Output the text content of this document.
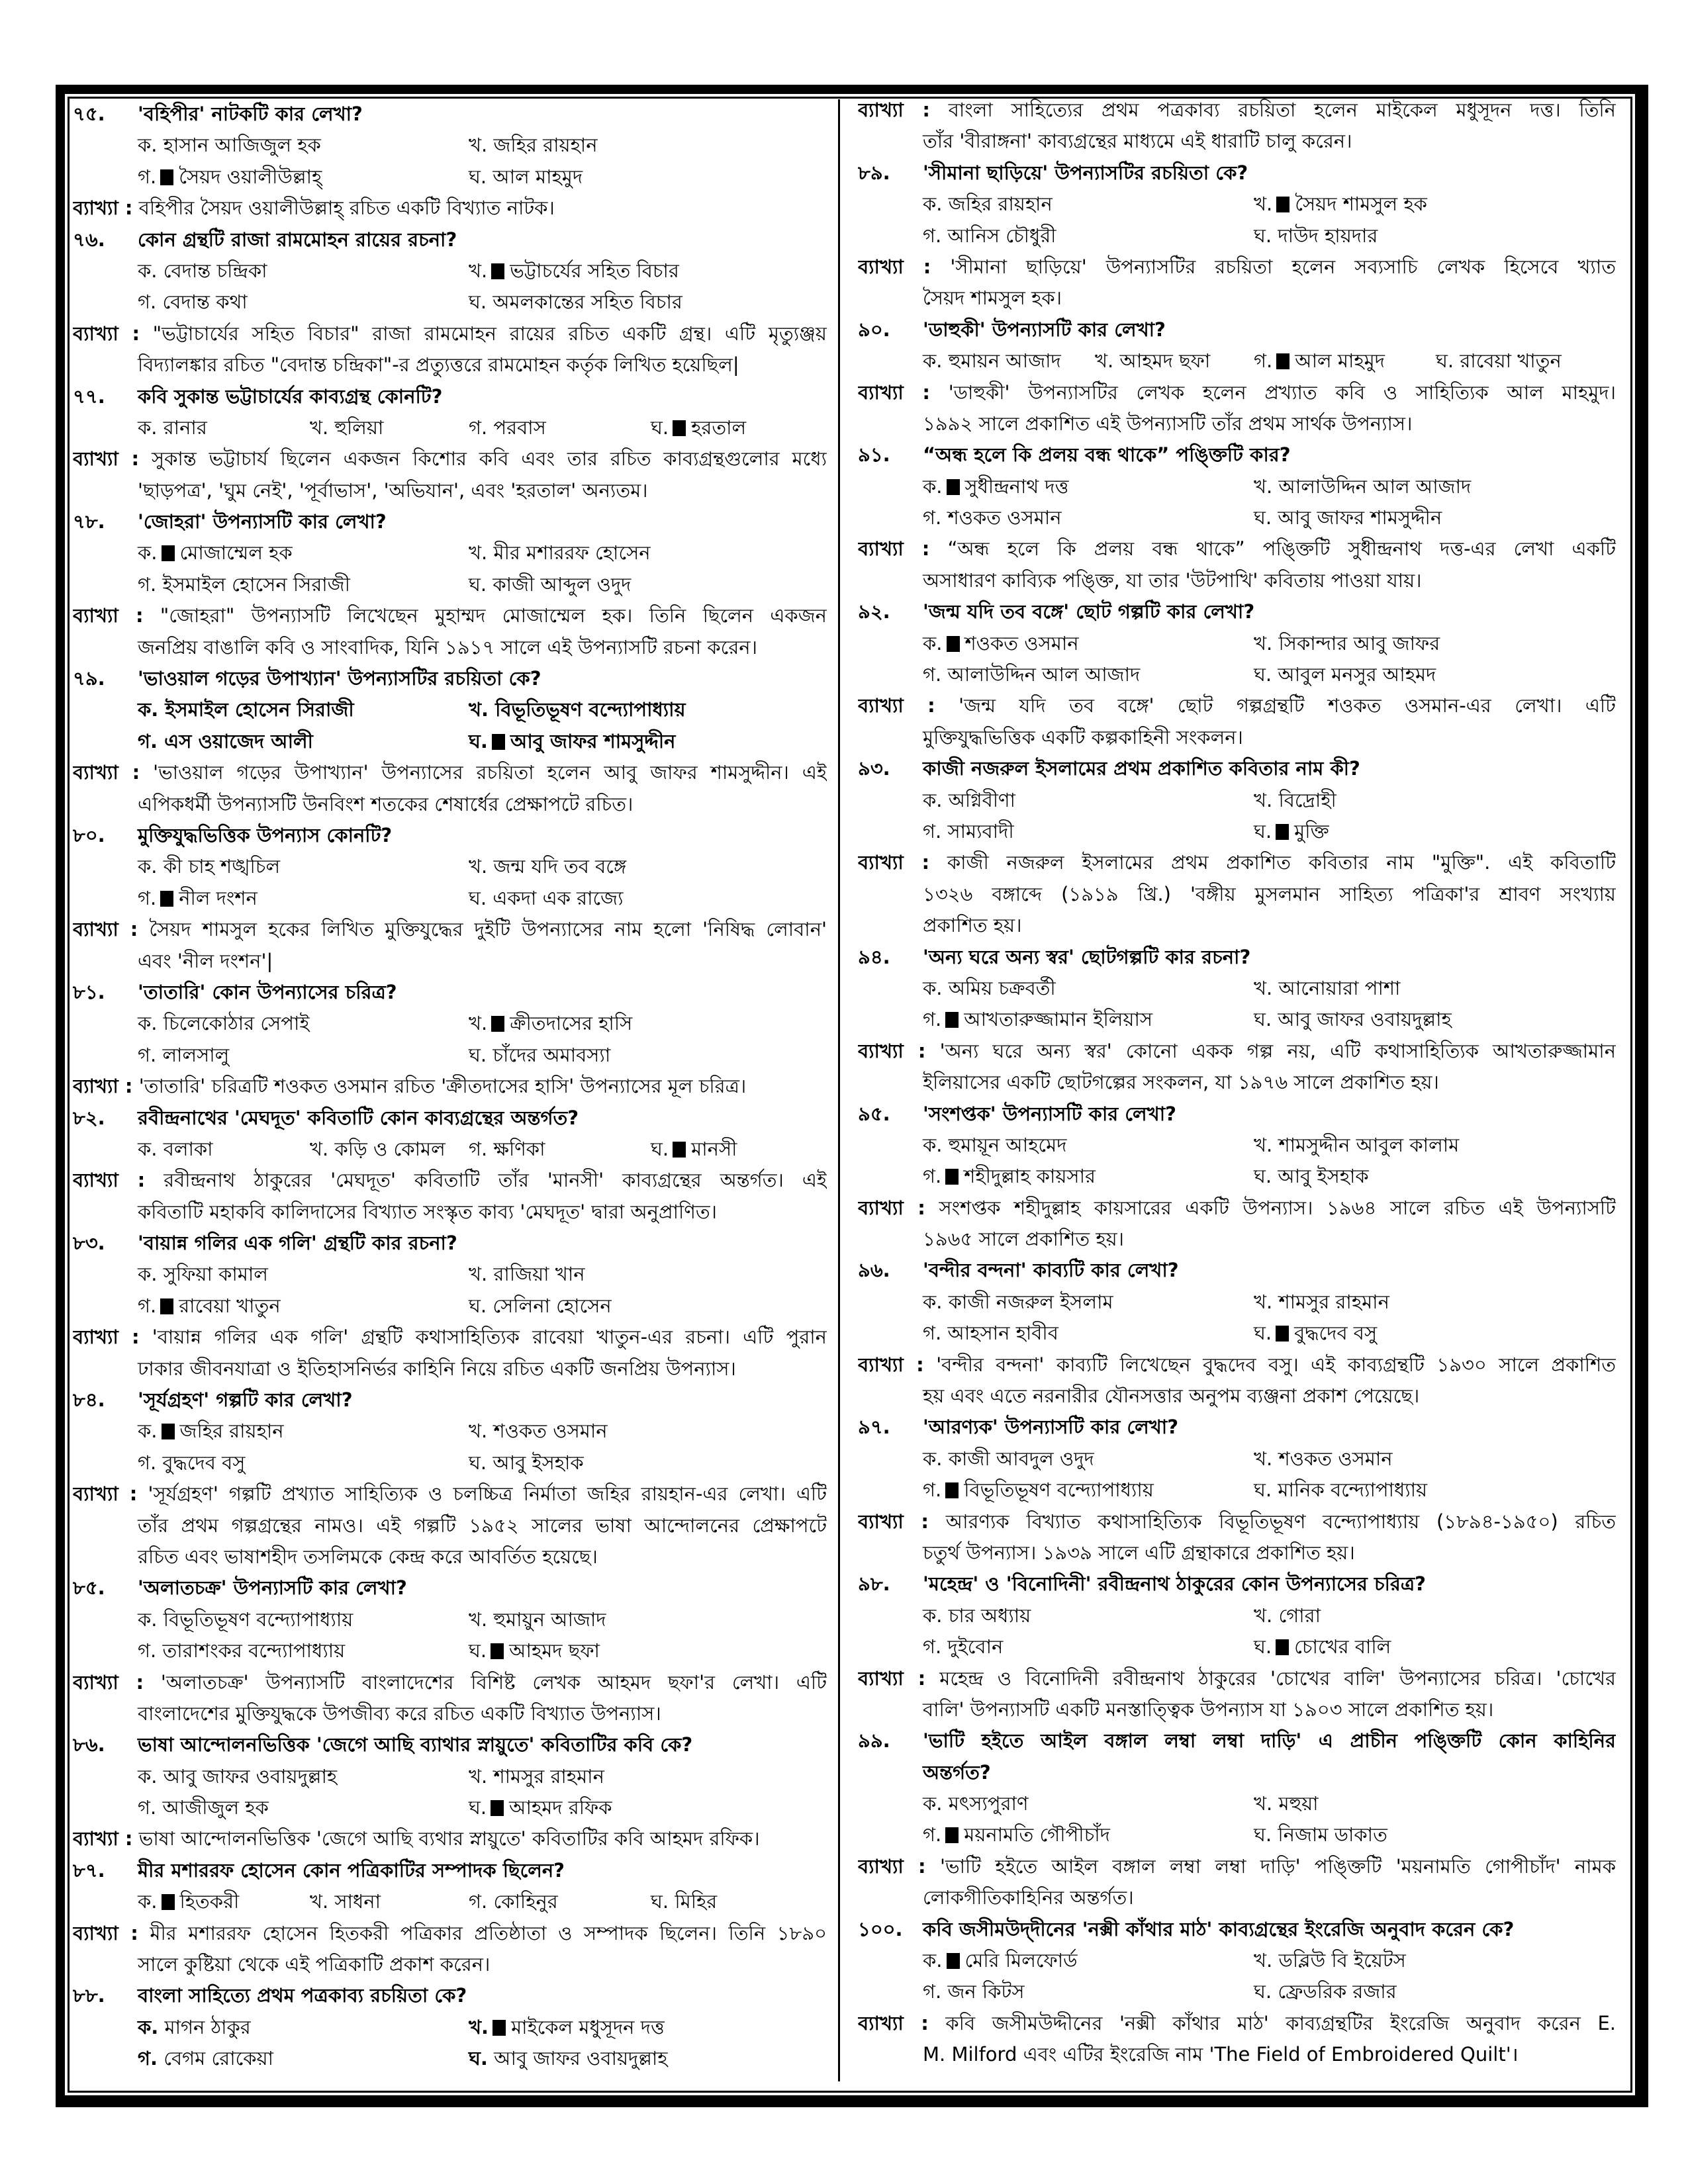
৭৫.	'বহিপীর' নাটকটি কার লেখা?
ক. হাসান আজিজুল হক	খ. জহির রায়হান
গ. সৈয়দ ওয়ালীউল্লাহ্	ঘ. আল মাহমুদ
ব্যাখ্যা : বহিপীর সৈয়দ ওয়ালীউল্লাহ্ রচিত একটি বিখ্যাত নাটক।
৭৬.	কোন গ্রন্থটি রাজা রামমোহন রায়ের রচনা?
ক. বেদান্ত চন্দ্রিকা	খ. ভট্টাচর্যের সহিত বিচার
গ. বেদান্ত কথা	ঘ. অমলকান্তের সহিত বিচার
ব্যাখ্যা : "ভট্টাচার্যের সহিত বিচার" রাজা রামমোহন রায়ের রচিত একটি গ্রন্থ। এটি মৃত্যুঞ্জয়
বিদ্যালঙ্কার রচিত "বেদান্ত চন্দ্রিকা"-র প্রত্যুত্তরে রামমোহন কর্তৃক লিখিত হয়েছিল|
৭৭.	কবি সুকান্ত ভট্টাচার্যের কাব্যগ্রন্থ কোনটি?
ক. রানার	খ. হুলিয়া	গ. পরবাস	ঘ. হরতাল
ব্যাখ্যা : সুকান্ত ভট্টাচার্য ছিলেন একজন কিশোর কবি এবং তার রচিত কাব্যগ্রন্থগুলোর মধ্যে
'ছাড়পত্র', 'ঘুম নেই', 'পূর্বাভাস', 'অভিযান', এবং 'হরতাল' অন্যতম।
৭৮.	'জোহরা' উপন্যাসটি কার লেখা?
ক. মোজাম্মেল হক	খ. মীর মশাররফ হোসেন
গ. ইসমাইল হোসেন সিরাজী	ঘ. কাজী আব্দুল ওদুদ
ব্যাখ্যা : "জোহরা" উপন্যাসটি লিখেছেন মুহাম্মদ মোজাম্মেল হক। তিনি ছিলেন একজন
জনপ্রিয় বাঙালি কবি ও সাংবাদিক, যিনি ১৯১৭ সালে এই উপন্যাসটি রচনা করেন।
৭৯.	'ভাওয়াল গড়ের উপাখ্যান' উপন্যাসটির রচয়িতা কে?
ক. ইসমাইল হোসেন সিরাজী	খ. বিভূতিভূষণ বন্দ্যোপাধ্যায়
গ. এস ওয়াজেদ আলী	ঘ. আবু জাফর শামসুদ্দীন
ব্যাখ্যা : 'ভাওয়াল গড়ের উপাখ্যান' উপন্যাসের রচয়িতা হলেন আবু জাফর শামসুদ্দীন। এই
এপিকধর্মী উপন্যাসটি উনবিংশ শতকের শেষার্ধের প্রেক্ষাপটে রচিত।
৮০.	মুক্তিযুদ্ধভিত্তিক উপন্যাস কোনটি?
ক. কী চাহ শঙ্খচিল	খ. জন্ম যদি তব বঙ্গে
গ. নীল দংশন	ঘ. একদা এক রাজ্যে
ব্যাখ্যা : সৈয়দ শামসুল হকের লিখিত মুক্তিযুদ্ধের দুইটি উপন্যাসের নাম হলো 'নিষিদ্ধ লোবান'
এবং 'নীল দংশন'|
৮১.	'তাতারি' কোন উপন্যাসের চরিত্র?
ক. চিলেকোঠার সেপাই	খ. ক্রীতদাসের হাসি
গ. লালসালু	ঘ. চাঁদের অমাবস্যা
ব্যাখ্যা : 'তাতারি' চরিত্রটি শওকত ওসমান রচিত 'ক্রীতদাসের হাসি' উপন্যাসের মূল চরিত্র।
৮২.	রবীন্দ্রনাথের 'মেঘদূত' কবিতাটি কোন কাব্যগ্রন্থের অন্তর্গত?
ক. বলাকা	খ. কড়ি ও কোমল গ. ক্ষণিকা	ঘ. মানসী
ব্যাখ্যা : রবীন্দ্রনাথ ঠাকুরের 'মেঘদূত' কবিতাটি তাঁর 'মানসী' কাব্যগ্রন্থের অন্তর্গত। এই
কবিতাটি মহাকবি কালিদাসের বিখ্যাত সংস্কৃত কাব্য 'মেঘদূত' দ্বারা অনুপ্রাণিত।
৮৩.	'বায়ান্ন গলির এক গলি' গ্রন্থটি কার রচনা?
ক. সুফিয়া কামাল	খ. রাজিয়া খান
গ. রাবেয়া খাতুন	ঘ. সেলিনা হোসেন
ব্যাখ্যা : 'বায়ান্ন গলির এক গলি' গ্রন্থটি কথাসাহিত্যিক রাবেয়া খাতুন-এর রচনা। এটি পুরান
ঢাকার জীবনযাত্রা ও ইতিহাসনির্ভর কাহিনি নিয়ে রচিত একটি জনপ্রিয় উপন্যাস।
৮৪.	'সূর্যগ্রহণ' গল্পটি কার লেখা?
ক. জহির রায়হান	খ. শওকত ওসমান
গ. বুদ্ধদেব বসু	ঘ. আবু ইসহাক
ব্যাখ্যা : 'সূর্যগ্রহণ' গল্পটি প্রখ্যাত সাহিত্যিক ও চলচ্চিত্র নির্মাতা জহির রায়হান-এর লেখা। এটি
তাঁর প্রথম গল্পগ্রন্থের নামও। এই গল্পটি ১৯৫২ সালের ভাষা আন্দোলনের প্রেক্ষাপটে
রচিত এবং ভাষাশহীদ তসলিমকে কেন্দ্র করে আবর্তিত হয়েছে।
৮৫.	'অলাতচক্র' উপন্যাসটি কার লেখা?
ক. বিভূতিভূষণ বন্দ্যোপাধ্যায়	খ. হুমায়ুন আজাদ
গ. তারাশংকর বন্দ্যোপাধ্যায়	ঘ. আহমদ ছফা
ব্যাখ্যা : 'অলাতচক্র' উপন্যাসটি বাংলাদেশের বিশিষ্ট লেখক আহমদ ছফা'র লেখা। এটি
বাংলাদেশের মুক্তিযুদ্ধকে উপজীব্য করে রচিত একটি বিখ্যাত উপন্যাস।
৮৬.	ভাষা আন্দোলনভিত্তিক 'জেগে আছি ব্যাথার স্নায়ুতে' কবিতাটির কবি কে?
ক. আবু জাফর ওবায়দুল্লাহ	খ. শামসুর রাহমান
গ. আজীজুল হক	ঘ. আহমদ রফিক
ব্যাখ্যা : ভাষা আন্দোলনভিত্তিক 'জেগে আছি ব্যথার স্নায়ুতে' কবিতাটির কবি আহমদ রফিক।
৮৭.	মীর মশাররফ হোসেন কোন পত্রিকাটির সম্পাদক ছিলেন?
ক. হিতকরী	খ. সাধনা	গ. কোহিনুর	ঘ. মিহির
ব্যাখ্যা : মীর মশাররফ হোসেন হিতকরী পত্রিকার প্রতিষ্ঠাতা ও সম্পাদক ছিলেন। তিনি ১৮৯০
সালে কুষ্টিয়া থেকে এই পত্রিকাটি প্রকাশ করেন।
৮৮.	বাংলা সাহিত্যে প্রথম পত্রকাব্য রচয়িতা কে?
ক. মাগন ঠাকুর	খ. মাইকেল মধুসূদন দত্ত
গ. বেগম রোকেয়া	ঘ. আবু জাফর ওবায়দুল্লাহ
ব্যাখ্যা : বাংলা সাহিত্যের প্রথম পত্রকাব্য রচয়িতা হলেন মাইকেল মধুসূদন দত্ত। তিনি
তাঁর 'বীরাঙ্গনা' কাব্যগ্রন্থের মাধ্যমে এই ধারাটি চালু করেন।
৮৯.	'সীমানা ছাড়িয়ে' উপন্যাসটির রচয়িতা কে?
ক. জহির রায়হান	খ. সৈয়দ শামসুল হক
গ. আনিস চৌধুরী	ঘ. দাউদ হায়দার
ব্যাখ্যা : 'সীমানা ছাড়িয়ে' উপন্যাসটির রচয়িতা হলেন সব্যসাচি লেখক হিসেবে খ্যাত
সৈয়দ শামসুল হক।
৯০.	'ডাহুকী' উপন্যাসটি কার লেখা?
ক. হুমায়ন আজাদ খ. আহমদ ছফা গ. আল মাহমুদ	ঘ. রাবেয়া খাতুন
ব্যাখ্যা : 'ডাহুকী' উপন্যাসটির লেখক হলেন প্রখ্যাত কবি ও সাহিত্যিক আল মাহমুদ।
১৯৯২ সালে প্রকাশিত এই উপন্যাসটি তাঁর প্রথম সার্থক উপন্যাস।
৯১.	“অন্ধ হলে কি প্রলয় বন্ধ থাকে” পঙ্ক্তিটি কার?
ক. সুধীন্দ্রনাথ দত্ত	খ. আলাউদ্দিন আল আজাদ
গ. শওকত ওসমান	ঘ. আবু জাফর শামসুদ্দীন
ব্যাখ্যা : “অন্ধ হলে কি প্রলয় বন্ধ থাকে” পঙ্ক্তিটি সুধীন্দ্রনাথ দত্ত-এর লেখা একটি
অসাধারণ কাব্যিক পঙ্ক্তি, যা তার 'উটপাখি' কবিতায় পাওয়া যায়।
৯২.	'জন্ম যদি তব বঙ্গে' ছোট গল্পটি কার লেখা?
ক. শওকত ওসমান	খ. সিকান্দার আবু জাফর
গ. আলাউদ্দিন আল আজাদ	ঘ. আবুল মনসুর আহমদ
ব্যাখ্যা : 'জন্ম যদি তব বঙ্গে' ছোট গল্পগ্রন্থটি শওকত ওসমান-এর লেখা। এটি
মুক্তিযুদ্ধভিত্তিক একটি কল্পকাহিনী সংকলন।
৯৩.	কাজী নজরুল ইসলামের প্রথম প্রকাশিত কবিতার নাম কী?
ক. অগ্নিবীণা	খ. বিদ্রোহী
গ. সাম্যবাদী	ঘ. মুক্তি
ব্যাখ্যা : কাজী নজরুল ইসলামের প্রথম প্রকাশিত কবিতার নাম "মুক্তি". এই কবিতাটি
১৩২৬ বঙ্গাব্দে (১৯১৯ খ্রি.) 'বঙ্গীয় মুসলমান সাহিত্য পত্রিকা'র শ্রাবণ সংখ্যায়
প্রকাশিত হয়।
৯৪.	'অন্য ঘরে অন্য স্বর' ছোটগল্পটি কার রচনা?
ক. অমিয় চক্রবর্তী	খ. আনোয়ারা পাশা
গ. আখতারুজ্জামান ইলিয়াস	ঘ. আবু জাফর ওবায়দুল্লাহ
ব্যাখ্যা : 'অন্য ঘরে অন্য স্বর' কোনো একক গল্প নয়, এটি কথাসাহিত্যিক আখতারুজ্জামান
ইলিয়াসের একটি ছোটগল্পের সংকলন, যা ১৯৭৬ সালে প্রকাশিত হয়।
৯৫.	'সংশপ্তক' উপন্যাসটি কার লেখা?
ক. হুমায়ূন আহমেদ	খ. শামসুদ্দীন আবুল কালাম
গ. শহীদুল্লাহ কায়সার	ঘ. আবু ইসহাক
ব্যাখ্যা : সংশপ্তক শহীদুল্লাহ কায়সারের একটি উপন্যাস। ১৯৬৪ সালে রচিত এই উপন্যাসটি
১৯৬৫ সালে প্রকাশিত হয়।
৯৬.	'বন্দীর বন্দনা' কাব্যটি কার লেখা?
ক. কাজী নজরুল ইসলাম	খ. শামসুর রাহমান
গ. আহসান হাবীব	ঘ. বুদ্ধদেব বসু
ব্যাখ্যা : 'বন্দীর বন্দনা' কাব্যটি লিখেছেন বুদ্ধদেব বসু। এই কাব্যগ্রন্থটি ১৯৩০ সালে প্রকাশিত
হয় এবং এতে নরনারীর যৌনসত্তার অনুপম ব্যঞ্জনা প্রকাশ পেয়েছে।
৯৭.	'আরণ্যক' উপন্যাসটি কার লেখা?
ক. কাজী আবদুল ওদুদ	খ. শওকত ওসমান
গ. বিভূতিভূষণ বন্দ্যোপাধ্যায়	ঘ. মানিক বন্দ্যোপাধ্যায়
ব্যাখ্যা : আরণ্যক বিখ্যাত কথাসাহিত্যিক বিভূতিভূষণ বন্দ্যোপাধ্যায় (১৮৯৪-১৯৫০) রচিত
চতুর্থ উপন্যাস। ১৯৩৯ সালে এটি গ্রন্থাকারে প্রকাশিত হয়।
৯৮.	'মহেন্দ্র' ও 'বিনোদিনী' রবীন্দ্রনাথ ঠাকুরের কোন উপন্যাসের চরিত্র?
ক. চার অধ্যায়	খ. গোরা
গ. দুইবোন	ঘ. চোখের বালি
ব্যাখ্যা : মহেন্দ্র ও বিনোদিনী রবীন্দ্রনাথ ঠাকুরের 'চোখের বালি' উপন্যাসের চরিত্র। 'চোখের
বালি' উপন্যাসটি একটি মনস্তাত্ত্বিক উপন্যাস যা ১৯০৩ সালে প্রকাশিত হয়।
৯৯.	'ভাটি হইতে আইল বঙ্গাল লম্বা লম্বা দাড়ি' এ প্রাচীন পঙ্ক্তিটি কোন কাহিনির
অন্তর্গত?
ক. মৎস্যপুরাণ	খ. মহুয়া
গ. ময়নামতি গৌপীচাঁদ	ঘ. নিজাম ডাকাত
ব্যাখ্যা : 'ভাটি হইতে আইল বঙ্গাল লম্বা লম্বা দাড়ি' পঙ্ক্তিটি 'ময়নামতি গোপীচাঁদ' নামক
লোকগীতিকাহিনির অন্তর্গত।
১০০.	কবি জসীমউদ্‌দীনের 'নক্সী কাঁথার মাঠ' কাব্যগ্রন্থের ইংরেজি অনুবাদ করেন কে?
ক. মেরি মিলফোর্ড	খ. ডব্লিউ বি ইয়েটস
গ. জন কিটস	ঘ. ফ্রেডরিক রজার
ব্যাখ্যা : কবি জসীমউদ্দীনের 'নক্সী কাঁথার মাঠ' কাব্যগ্রন্থটির ইংরেজি অনুবাদ করেন E.
M. Milford এবং এটির ইংরেজি নাম 'The Field of Embroidered Quilt'।
